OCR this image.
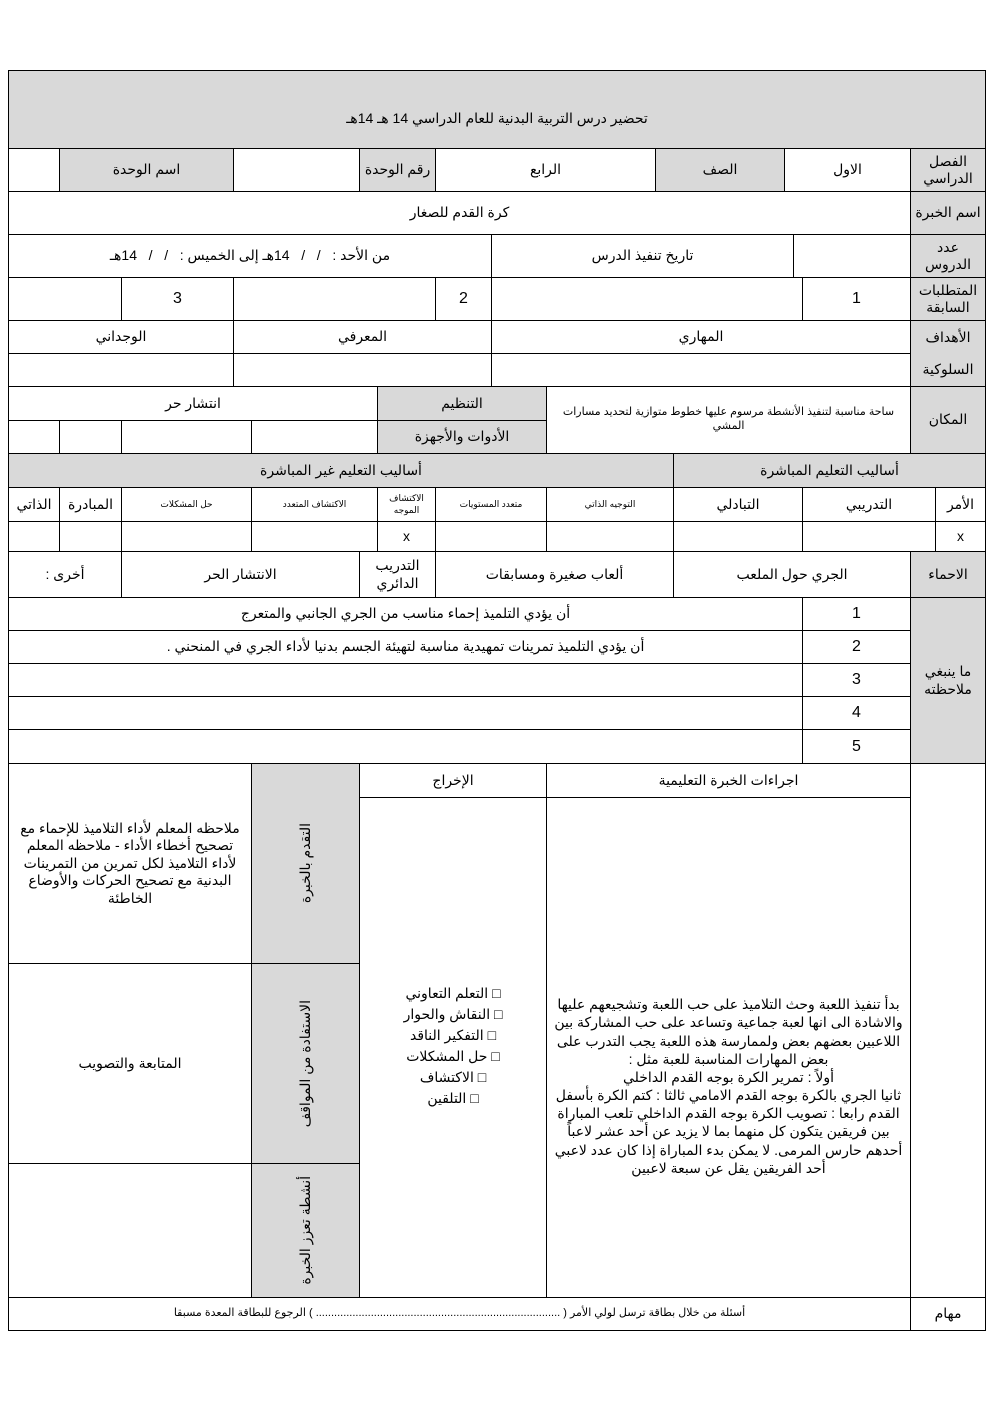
تحضير درس التربية البدنية للعام الدراسي 14 هـ 14هـ
الفصل الدراسي
الاول
الصف
الرابع
رقم الوحدة
اسم الوحدة
اسم الخبرة
كرة القدم للصغار
عدد الدروس
تاريخ تنفيذ الدرس
من الأحد :   /   /   14هـ إلى الخميس :   /   /   14هـ
المتطلبات السابقة
1
2
3
الأهداف
السلوكية
المهاري
المعرفي
الوجداني
المكان
ساحة مناسبة لتنفيذ الأنشطة مرسوم عليها خطوط متوازية لتحديد مسارات المشي
التنظيم
الأدوات والأجهزة
انتشار حر
أساليب التعليم المباشرة
أساليب التعليم غير المباشرة
الأمر
التدريبي
التبادلي
التوجيه الذاتي
متعدد المستويات
الاكتشاف الموجه
الاكتشاف المتعدد
حل المشكلات
المبادرة
الذاتي
x
x
الاحماء
الجري حول الملعب
ألعاب صغيرة ومسابقات
التدريب الدائري
الانتشار الحر
أخرى :
ما ينبغي ملاحظته
1
أن يؤدي التلميذ إحماء مناسب من الجري الجانبي والمتعرج
2
أن يؤدي التلميذ تمرينات تمهيدية مناسبة لتهيئة الجسم بدنيا لأداء الجري في المنحني .
3
4
5
اجراءات الخبرة التعليمية
الإخراج
بدأ تنفيذ اللعبة وحث التلاميذ على حب اللعبة وتشجيعهم عليها والاشادة الى انها لعبة جماعية وتساعد على حب المشاركة بين اللاعبين بعضهم بعض ولممارسة هذه اللعبة يجب التدرب على بعض المهارات المناسبة للعبة مثل :
أولاً : تمرير الكرة بوجه القدم الداخلي
ثانيا الجري بالكرة بوجه القدم الامامي ثالثا : كتم الكرة بأسفل القدم رابعا : تصويب الكرة بوجه القدم الداخلي تلعب المباراة بين فريقين يتكون كل منهما بما لا يزيد عن أحد عشر لاعباً أحدهم حارس المرمى. لا يمكن بدء المباراة إذا كان عدد لاعبي أحد الفريقين يقل عن سبعة لاعبين
□ التعلم التعاوني
□ النقاش والحوار
□ التفكير الناقد
□ حل المشكلات
□ الاكتشاف
□ التلقين
التقدم بالخبرة
الاستفادة من المواقف
أنشطة تعزز الخبرة
ملاحظه المعلم لأداء التلاميذ للإحماء مع تصحيح أخطاء الأداء - ملاحظه المعلم لأداء التلاميذ لكل تمرين من التمرينات البدنية مع تصحيح الحركات والأوضاع الخاطئة
المتابعة والتصويب
مهام
أسئلة من خلال بطاقة ترسل لولي الأمر ( ................................................................................ ) الرجوع للبطاقة المعدة مسبقا
